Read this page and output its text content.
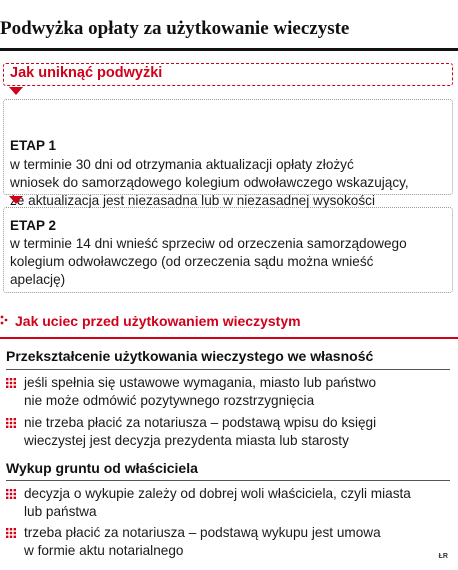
Podwyżka opłaty za użytkowanie wieczyste
Jak uniknąć podwyżki
ETAP 1
w terminie 30 dni od otrzymania aktualizacji opłaty złożyć
wniosek do samorządowego kolegium odwoławczego wskazujący,
że aktualizacja jest niezasadna lub w niezasadnej wysokości
ETAP 2
w terminie 14 dni wnieść sprzeciw od orzeczenia samorządowego
kolegium odwoławczego (od orzeczenia sądu można wnieść
apelację)
Jak uciec przed użytkowaniem wieczystym
Przekształcenie użytkowania wieczystego we własność
jeśli spełnia się ustawowe wymagania, miasto lub państwo
nie może odmówić pozytywnego rozstrzygnięcia
nie trzeba płacić za notariusza – podstawą wpisu do księgi
wieczystej jest decyzja prezydenta miasta lub starosty
Wykup gruntu od właściciela
decyzja o wykupie zależy od dobrej woli właściciela, czyli miasta
lub państwa
trzeba płacić za notariusza – podstawą wykupu jest umowa
w formie aktu notarialnego	ŁR
